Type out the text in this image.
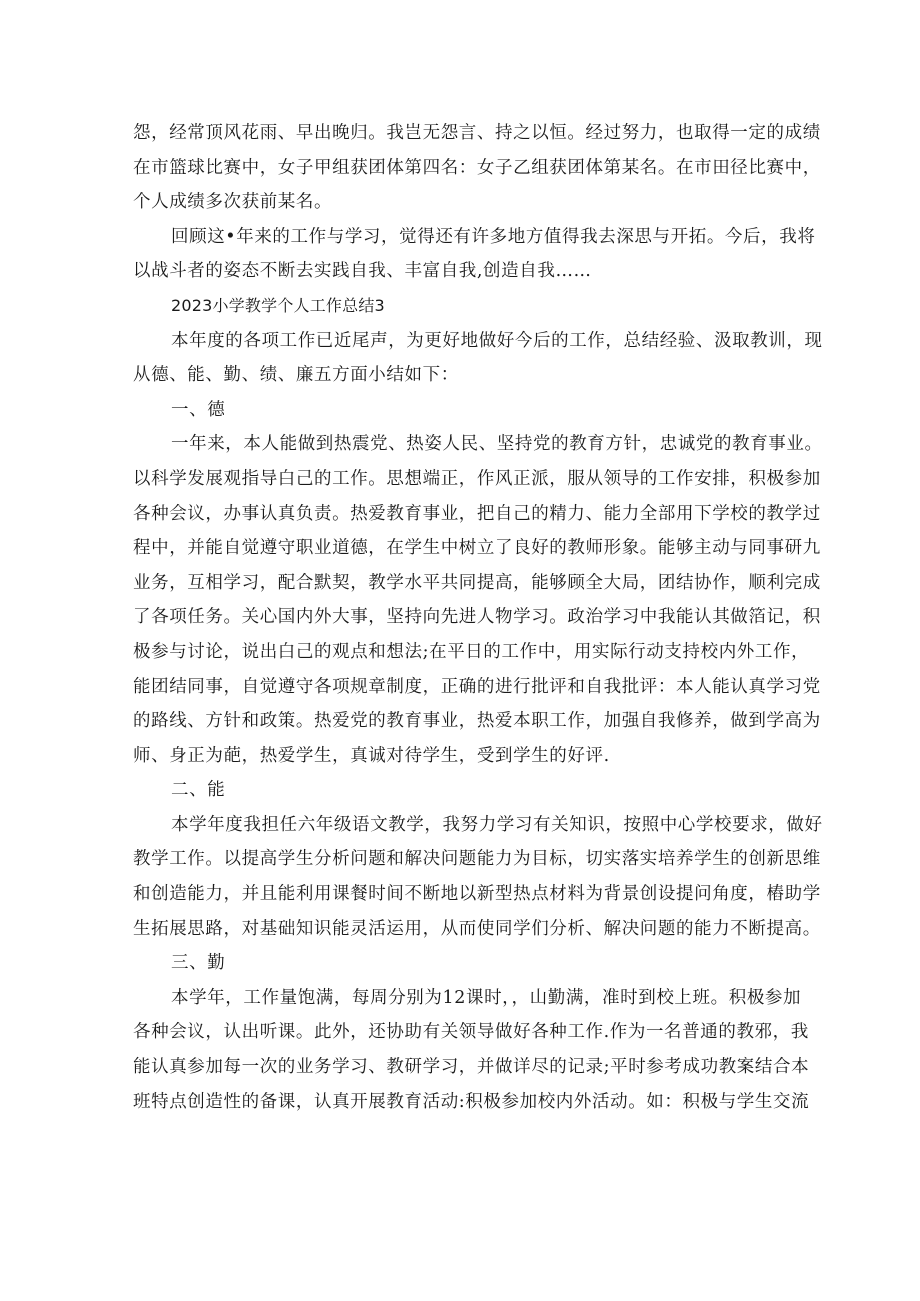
怨，经常顶风花雨、早出晚归。我岂无怨言、持之以恒。经过努力，也取得一定的成绩
在市篮球比赛中，女子甲组获团体第四名：女子乙组获团体第某名。在市田径比赛中，
个人成绩多次获前某名。
回顾这•年来的工作与学习，觉得还有许多地方值得我去深思与开拓。今后，我将
以战斗者的姿态不断去实践自我、丰富自我,创造自我……
2023小学教学个人工作总结3
本年度的各项工作已近尾声，为更好地做好今后的工作，总结经验、汲取教训，现
从德、能、勤、绩、廉五方面小结如下：
一、德
一年来，本人能做到热震党、热姿人民、坚持党的教育方针，忠诚党的教育事业。
以科学发展观指导白己的工作。思想端正，作风正派，服从领导的工作安排，积极参加
各种会议，办事认真负责。热爱教育事业，把自己的精力、能力全部用下学校的教学过
程中，并能自觉遵守职业道德，在学生中树立了良好的教师形象。能够主动与同事研九
业务，互相学习，配合默契，教学水平共同提高，能够顾全大局，团结协作，顺利完成
了各项任务。关心国内外大事，坚持向先进人物学习。政治学习中我能认其做箔记，积
极参与讨论，说出白己的观点和想法;在平日的工作中，用实际行动支持校内外工作，
能团结同事，自觉遵守各项规章制度，正确的进行批评和自我批评：本人能认真学习党
的路线、方针和政策。热爱党的教育事业，热爱本职工作，加强自我修养，做到学高为
师、身正为葩，热爱学生，真诚对待学生，受到学生的好评.
二、能
本学年度我担任六年级语文教学，我努力学习有关知识，按照中心学校要求，做好
教学工作。以提高学生分析问题和解决问题能力为目标，切实落实培养学生的创新思维
和创造能力，并且能利用课餐时间不断地以新型热点材料为背景创设提问角度，樁助学
生拓展思路，对基础知识能灵活运用，从而使同学们分析、解决问题的能力不断提高。
三、勤
本学年，工作量饱满，每周分别为12课时，，山勤满，准时到校上班。积极参加
各种会议，认出听课。此外，还协助有关领导做好各种工作.作为一名普通的教邪，我
能认真参加每一次的业务学习、教研学习，并做详尽的记录;平时参考成功教案结合本
班特点创造性的备课，认真开展教育活动:积极参加校内外活动。如：积极与学生交流
